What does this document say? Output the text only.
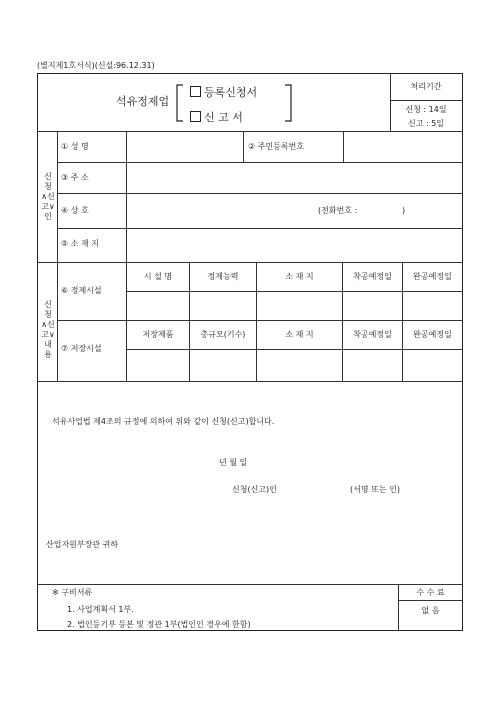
(별지제1호서식)(신설:96.12.31)
석유정제업
등록신청서
신 고 서
처리기간
신청 : 14일
신고 : 5일
신청
∧신
고∨
인
① 성 명	② 주민등록번호
③ 주 소
④ 상 호	(전화번호 :	)
⑤ 소 재 지
신청
∧신
고∨
내용
⑥ 정제시설
시 설 명	정제능력	소 재 지	착공예정일	완공예정일
⑦ 저장시설
저장제품	총규모(기수)	소 재 지	착공예정일	완공예정일
석유사업법 제4조의 규정에 의하여 위와 같이 신청(신고)합니다.
년 월 일
신청(신고)인	(서명 또는 인)
산업자원부장관 귀하
※ 구비서류
1. 사업계획서 1부.
2. 법인등기부 등본 및 정관 1부(법인인 경우에 한함)
수 수 료
없 음
